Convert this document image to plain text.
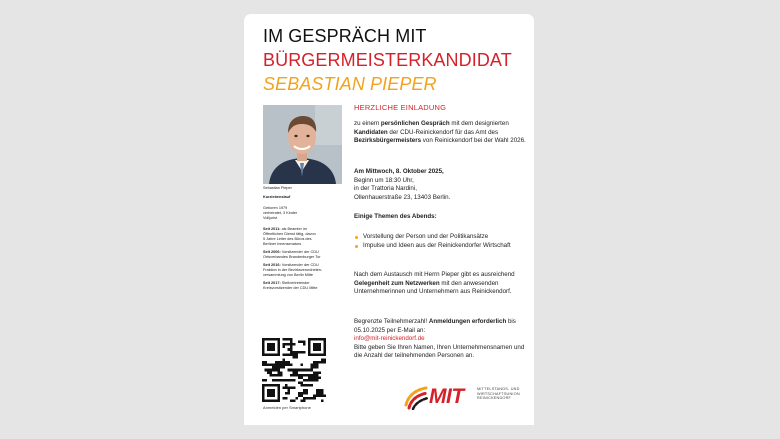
IM GESPRÄCH MIT
BÜRGERMEISTERKANDIDAT
SEBASTIAN PIEPER
Sebastian Pieper
Kurzlebenslauf
Geboren 1979
verheiratet, 3 Kinder
Volljurist
Seit 2011: als Beamter im
Öffentlichen Dienst tätig, davon
5 Jahre Leiter des Büros des
Berliner Innensenators
Seit 2006: Vorsitzender der CDU
Ortsverbandes Brandenburger Tor
Seit 2016: Vorsitzender der CDU
Fraktion in der Bezirksverordneten-
versammlung von Berlin Mitte
Seit 2017: Stellvertretender
Kreisvorsitzender der CDU Mitte
Anmelden per Smartphone
HERZLICHE EINLADUNG
zu einem persönlichen Gespräch mit dem designierten Kandidaten der CDU-Reinickendorf für das Amt des Bezirksbürgermeisters von Reinickendorf bei der Wahl 2026.
Am Mittwoch, 8. Oktober 2025,
Beginn um 18:30 Uhr,
in der Trattoria Nardini,
Ollenhauerstraße 23, 13403 Berlin.
Einige Themen des Abends:
Vorstellung der Person und der Politikansätze
Impulse und Ideen aus der Reinickendorfer Wirtschaft
Nach dem Austausch mit Herrn Pieper gibt es ausreichend Gelegenheit zum Netzwerken mit den anwesenden Unternehmerinnen und Unternehmern aus Reinickendorf.
Begrenzte Teilnehmerzahl! Anmeldungen erforderlich bis 05.10.2025 per E-Mail an:
info@mit-reinickendorf.de
Bitte geben Sie Ihren Namen, Ihren Unternehmensnamen und die Anzahl der teilnehmenden Personen an.
MIT	MITTELSTANDS- UND
WIRTSCHAFTSUNION
REINICKENDORF
